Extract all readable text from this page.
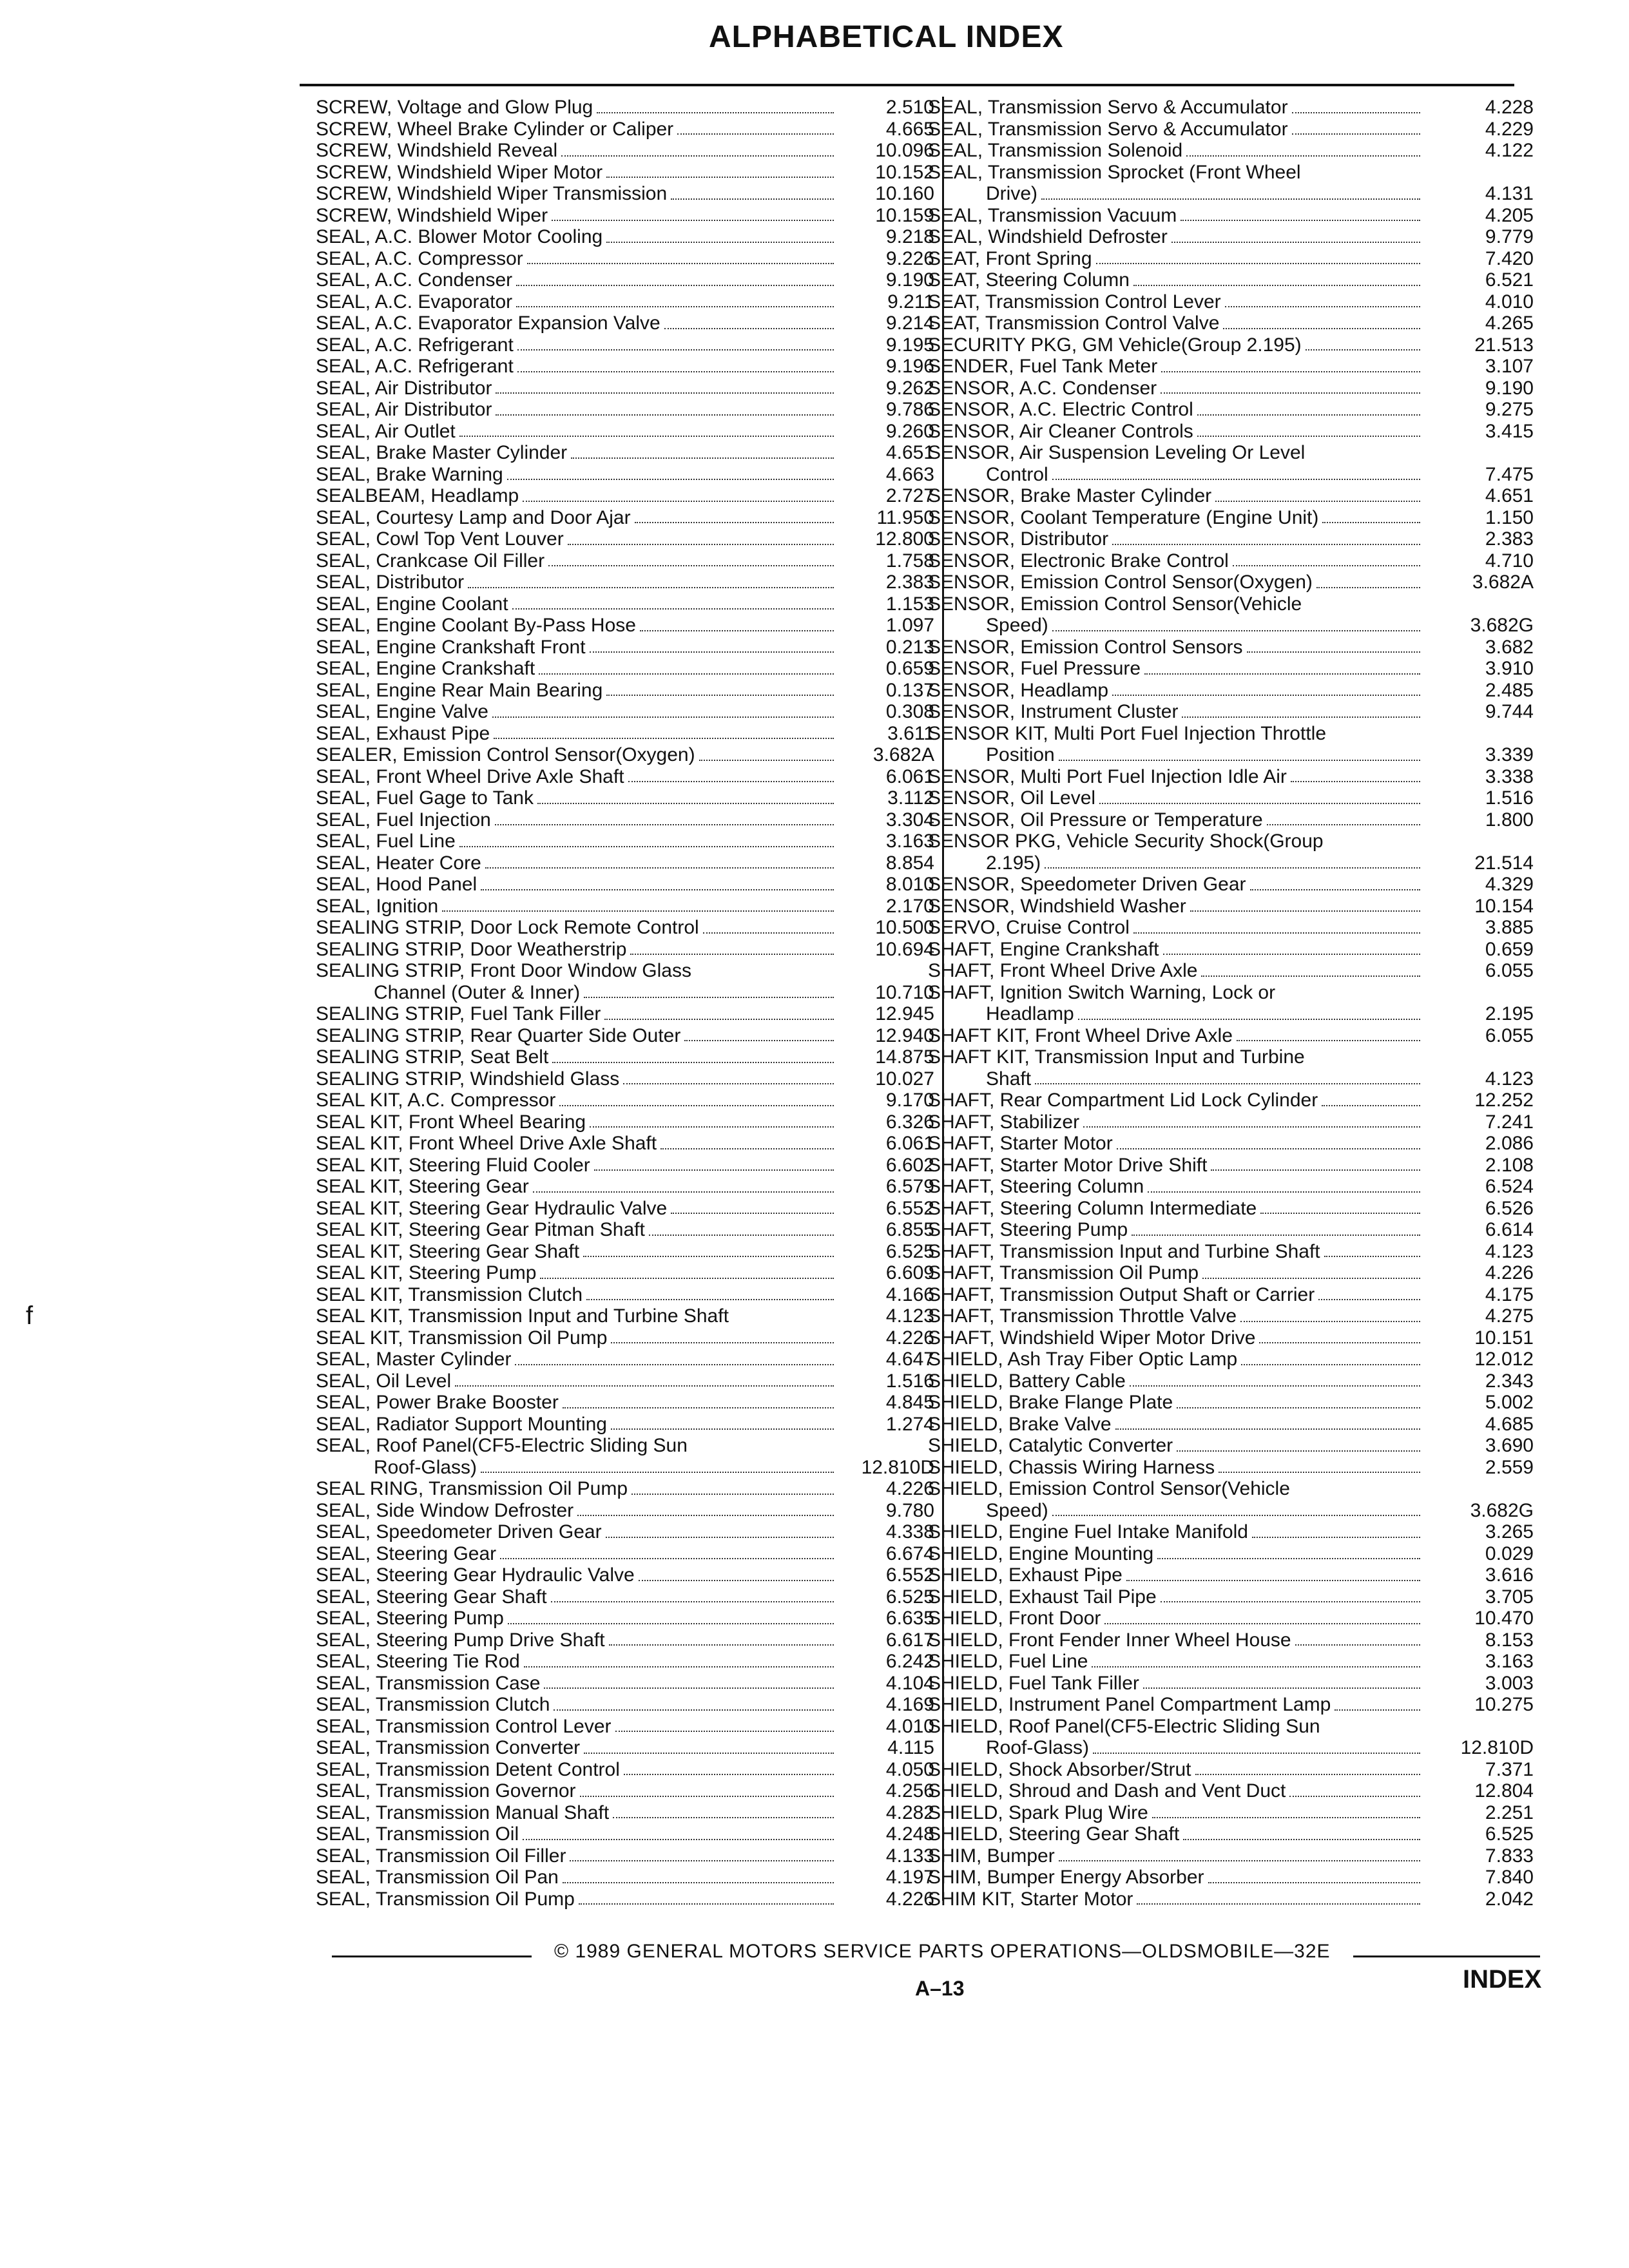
ALPHABETICAL INDEX
SCREW, Voltage and Glow Plug	2.510
SCREW, Wheel Brake Cylinder or Caliper	4.665
SCREW, Windshield Reveal	10.096
SCREW, Windshield Wiper Motor	10.152
SCREW, Windshield Wiper Transmission	10.160
SCREW, Windshield Wiper	10.159
SEAL, A.C. Blower Motor Cooling	9.218
SEAL, A.C. Compressor	9.226
SEAL, A.C. Condenser	9.190
SEAL, A.C. Evaporator	9.211
SEAL, A.C. Evaporator Expansion Valve	9.214
SEAL, A.C. Refrigerant	9.195
SEAL, A.C. Refrigerant	9.196
SEAL, Air Distributor	9.262
SEAL, Air Distributor	9.786
SEAL, Air Outlet	9.260
SEAL, Brake Master Cylinder	4.651
SEAL, Brake Warning	4.663
SEALBEAM, Headlamp	2.727
SEAL, Courtesy Lamp and Door Ajar	11.950
SEAL, Cowl Top Vent Louver	12.800
SEAL, Crankcase Oil Filler	1.758
SEAL, Distributor	2.383
SEAL, Engine Coolant	1.153
SEAL, Engine Coolant By-Pass Hose	1.097
SEAL, Engine Crankshaft Front	0.213
SEAL, Engine Crankshaft	0.659
SEAL, Engine Rear Main Bearing	0.137
SEAL, Engine Valve	0.308
SEAL, Exhaust Pipe	3.611
SEALER, Emission Control Sensor(Oxygen)	3.682A
SEAL, Front Wheel Drive Axle Shaft	6.061
SEAL, Fuel Gage to Tank	3.112
SEAL, Fuel Injection	3.304
SEAL, Fuel Line	3.163
SEAL, Heater Core	8.854
SEAL, Hood Panel	8.010
SEAL, Ignition	2.170
SEALING STRIP, Door Lock Remote Control	10.500
SEALING STRIP, Door Weatherstrip	10.694
SEALING STRIP, Front Door Window Glass
Channel (Outer & Inner)	10.710
SEALING STRIP, Fuel Tank Filler	12.945
SEALING STRIP, Rear Quarter Side Outer	12.940
SEALING STRIP, Seat Belt	14.875
SEALING STRIP, Windshield Glass	10.027
SEAL KIT, A.C. Compressor	9.170
SEAL KIT, Front Wheel Bearing	6.326
SEAL KIT, Front Wheel Drive Axle Shaft	6.061
SEAL KIT, Steering Fluid Cooler	6.602
SEAL KIT, Steering Gear	6.579
SEAL KIT, Steering Gear Hydraulic Valve	6.552
SEAL KIT, Steering Gear Pitman Shaft	6.855
SEAL KIT, Steering Gear Shaft	6.525
SEAL KIT, Steering Pump	6.609
SEAL KIT, Transmission Clutch	4.166
SEAL KIT, Transmission Input and Turbine Shaft	4.123
SEAL KIT, Transmission Oil Pump	4.226
SEAL, Master Cylinder	4.647
SEAL, Oil Level	1.516
SEAL, Power Brake Booster	4.845
SEAL, Radiator Support Mounting	1.274
SEAL, Roof Panel(CF5-Electric Sliding Sun
Roof-Glass)	12.810D
SEAL RING, Transmission Oil Pump	4.226
SEAL, Side Window Defroster	9.780
SEAL, Speedometer Driven Gear	4.338
SEAL, Steering Gear	6.674
SEAL, Steering Gear Hydraulic Valve	6.552
SEAL, Steering Gear Shaft	6.525
SEAL, Steering Pump	6.635
SEAL, Steering Pump Drive Shaft	6.617
SEAL, Steering Tie Rod	6.242
SEAL, Transmission Case	4.104
SEAL, Transmission Clutch	4.169
SEAL, Transmission Control Lever	4.010
SEAL, Transmission Converter	4.115
SEAL, Transmission Detent Control	4.050
SEAL, Transmission Governor	4.256
SEAL, Transmission Manual Shaft	4.282
SEAL, Transmission Oil	4.248
SEAL, Transmission Oil Filler	4.133
SEAL, Transmission Oil Pan	4.197
SEAL, Transmission Oil Pump	4.226
SEAL, Transmission Servo & Accumulator	4.228
SEAL, Transmission Servo & Accumulator	4.229
SEAL, Transmission Solenoid	4.122
SEAL, Transmission Sprocket (Front Wheel
Drive)	4.131
SEAL, Transmission Vacuum	4.205
SEAL, Windshield Defroster	9.779
SEAT, Front Spring	7.420
SEAT, Steering Column	6.521
SEAT, Transmission Control Lever	4.010
SEAT, Transmission Control Valve	4.265
SECURITY PKG, GM Vehicle(Group 2.195)	21.513
SENDER, Fuel Tank Meter	3.107
SENSOR, A.C. Condenser	9.190
SENSOR, A.C. Electric Control	9.275
SENSOR, Air Cleaner Controls	3.415
SENSOR, Air Suspension Leveling Or Level
Control	7.475
SENSOR, Brake Master Cylinder	4.651
SENSOR, Coolant Temperature (Engine Unit)	1.150
SENSOR, Distributor	2.383
SENSOR, Electronic Brake Control	4.710
SENSOR, Emission Control Sensor(Oxygen)	3.682A
SENSOR, Emission Control Sensor(Vehicle
Speed)	3.682G
SENSOR, Emission Control Sensors	3.682
SENSOR, Fuel Pressure	3.910
SENSOR, Headlamp	2.485
SENSOR, Instrument Cluster	9.744
SENSOR KIT, Multi Port Fuel Injection Throttle
Position	3.339
SENSOR, Multi Port Fuel Injection Idle Air	3.338
SENSOR, Oil Level	1.516
SENSOR, Oil Pressure or Temperature	1.800
SENSOR PKG, Vehicle Security Shock(Group
2.195)	21.514
SENSOR, Speedometer Driven Gear	4.329
SENSOR, Windshield Washer	10.154
SERVO, Cruise Control	3.885
SHAFT, Engine Crankshaft	0.659
SHAFT, Front Wheel Drive Axle	6.055
SHAFT, Ignition Switch Warning, Lock or
Headlamp	2.195
SHAFT KIT, Front Wheel Drive Axle	6.055
SHAFT KIT, Transmission Input and Turbine
Shaft	4.123
SHAFT, Rear Compartment Lid Lock Cylinder	12.252
SHAFT, Stabilizer	7.241
SHAFT, Starter Motor	2.086
SHAFT, Starter Motor Drive Shift	2.108
SHAFT, Steering Column	6.524
SHAFT, Steering Column Intermediate	6.526
SHAFT, Steering Pump	6.614
SHAFT, Transmission Input and Turbine Shaft	4.123
SHAFT, Transmission Oil Pump	4.226
SHAFT, Transmission Output Shaft or Carrier	4.175
SHAFT, Transmission Throttle Valve	4.275
SHAFT, Windshield Wiper Motor Drive	10.151
SHIELD, Ash Tray Fiber Optic Lamp	12.012
SHIELD, Battery Cable	2.343
SHIELD, Brake Flange Plate	5.002
SHIELD, Brake Valve	4.685
SHIELD, Catalytic Converter	3.690
SHIELD, Chassis Wiring Harness	2.559
SHIELD, Emission Control Sensor(Vehicle
Speed)	3.682G
SHIELD, Engine Fuel Intake Manifold	3.265
SHIELD, Engine Mounting	0.029
SHIELD, Exhaust Pipe	3.616
SHIELD, Exhaust Tail Pipe	3.705
SHIELD, Front Door	10.470
SHIELD, Front Fender Inner Wheel House	8.153
SHIELD, Fuel Line	3.163
SHIELD, Fuel Tank Filler	3.003
SHIELD, Instrument Panel Compartment Lamp	10.275
SHIELD, Roof Panel(CF5-Electric Sliding Sun
Roof-Glass)	12.810D
SHIELD, Shock Absorber/Strut	7.371
SHIELD, Shroud and Dash and Vent Duct	12.804
SHIELD, Spark Plug Wire	2.251
SHIELD, Steering Gear Shaft	6.525
SHIM, Bumper	7.833
SHIM, Bumper Energy Absorber	7.840
SHIM KIT, Starter Motor	2.042
f
© 1989 GENERAL MOTORS SERVICE PARTS OPERATIONS—OLDSMOBILE—32E
A–13	INDEX
